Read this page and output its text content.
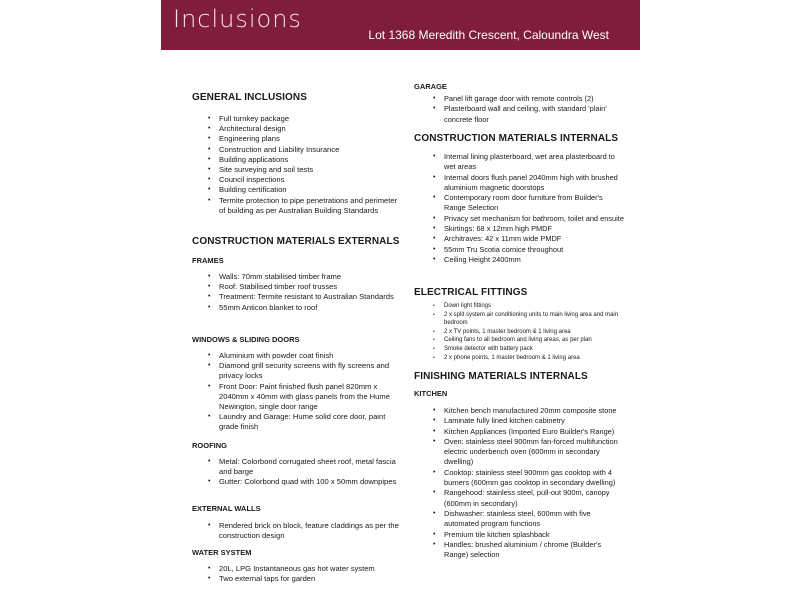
Inclusions
Lot 1368 Meredith Crescent, Caloundra West
GENERAL INCLUSIONS
• Full turnkey package
• Architectural design
• Engineering plans
• Construction and Liability Insurance
• Building applications
• Site surveying and soil tests
• Council inspections
• Building certification
• Termite protection to pipe penetrations and perimeter of building as per Australian Building Standards
CONSTRUCTION MATERIALS EXTERNALS
FRAMES
• Walls: 70mm stabilised timber frame
• Roof: Stabilised timber roof trusses
• Treatment: Termite resistant to Australian Standards
• 55mm Anticon blanket to roof
WINDOWS & SLIDING DOORS
• Aluminium with powder coat finish
• Diamond grill security screens with fly screens and privacy locks
• Front Door: Paint finished flush panel 820mm x 2040mm x 40mm with glass panels from the Hume Newington, single door range
• Laundry and Garage: Hume solid core door, paint grade finish
ROOFING
• Metal: Colorbond corrugated sheet roof, metal fascia and barge
• Gutter: Colorbond quad with 100 x 50mm downpipes
EXTERNAL WALLS
• Rendered brick on block, feature claddings as per the construction design
WATER SYSTEM
• 20L, LPG Instantaneous gas hot water system
• Two external taps for garden
GARAGE
• Panel lift garage door with remote controls (2)
• Plasterboard wall and ceiling, with standard 'plain' concrete floor
CONSTRUCTION MATERIALS INTERNALS
• Internal lining plasterboard, wet area plasterboard to wet areas
• Internal doors flush panel 2040mm high with brushed aluminium magnetic doorstops
• Contemporary room door furniture from Builder's Range Selection
• Privacy set mechanism for bathroom, toilet and ensuite
• Skirtings: 68 x 12mm high PMDF
• Architraves: 42 x 11mm wide PMDF
• 55mm Tru Scotia cornice throughout
• Ceiling Height 2400mm
ELECTRICAL FITTINGS
• Down light fittings
• 2 x split system air conditioning units to main living area and main bedroom
• 2 x TV points, 1 master bedroom & 1 living area
• Ceiling fans to all bedroom and living areas, as per plan
• Smoke detector with battery pack
• 2 x phone points, 1 master bedroom & 1 living area
FINISHING MATERIALS INTERNALS
KITCHEN
• Kitchen bench manufactured 20mm composite stone
• Laminate fully lined kitchen cabinetry
• Kitchen Appliances (Imported Euro Builder's Range)
• Oven: stainless steel 900mm fan-forced multifunction electric underbench oven (600mm in secondary dwelling)
• Cooktop: stainless steel 900mm gas cooktop with 4 burners (600mm gas cooktop in secondary dwelling)
• Rangehood: stainless steel, pull-out 900m, canopy (600mm in secondary)
• Dishwasher: stainless steel, 600mm with five automated program functions
• Premium tile kitchen splashback
• Handles: brushed aluminium / chrome (Builder's Range) selection
